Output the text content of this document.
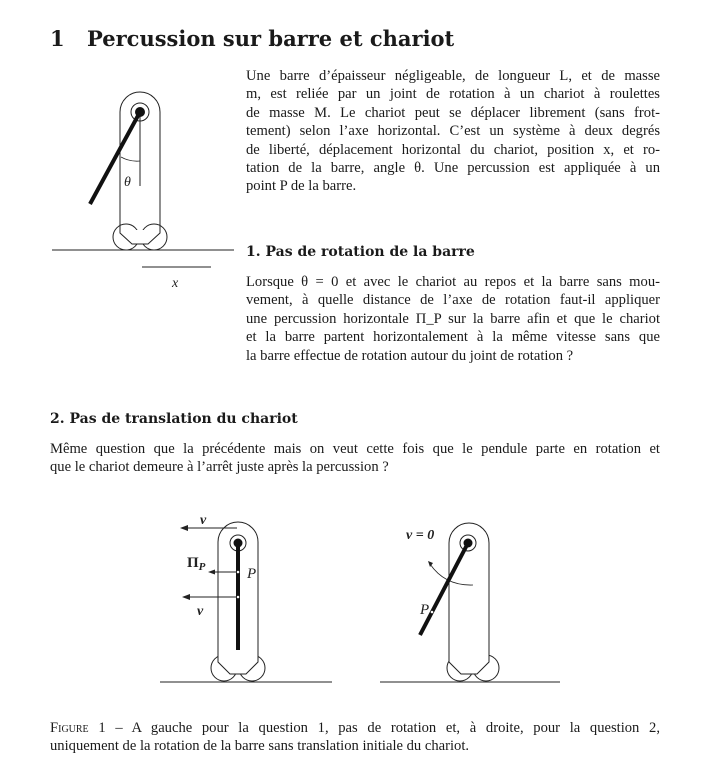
1 Percussion sur barre et chariot
Une barre d’épaisseur négligeable, de longueur L, et de masse
m, est reliée par un joint de rotation à un chariot à roulettes
de masse M. Le chariot peut se déplacer librement (sans frot-
tement) selon l’axe horizontal. C’est un système à deux degrés
de liberté, déplacement horizontal du chariot, position x, et ro-
tation de la barre, angle θ. Une percussion est appliquée à un
point P de la barre.
θ
x
1. Pas de rotation de la barre
Lorsque θ = 0 et avec le chariot au repos et la barre sans mou-
vement, à quelle distance de l’axe de rotation faut-il appliquer
une percussion horizontale Π_P sur la barre afin et que le chariot
et la barre partent horizontalement à la même vitesse sans que
la barre effectue de rotation autour du joint de rotation ?
2. Pas de translation du chariot
Même question que la précédente mais on veut cette fois que le pendule parte en rotation et
que le chariot demeure à l’arrêt juste après la percussion ?
v
$\Pi_P$	P
v
v = 0
P
Figure 1 – A gauche pour la question 1, pas de rotation et, à droite, pour la question 2,
uniquement de la rotation de la barre sans translation initiale du chariot.
